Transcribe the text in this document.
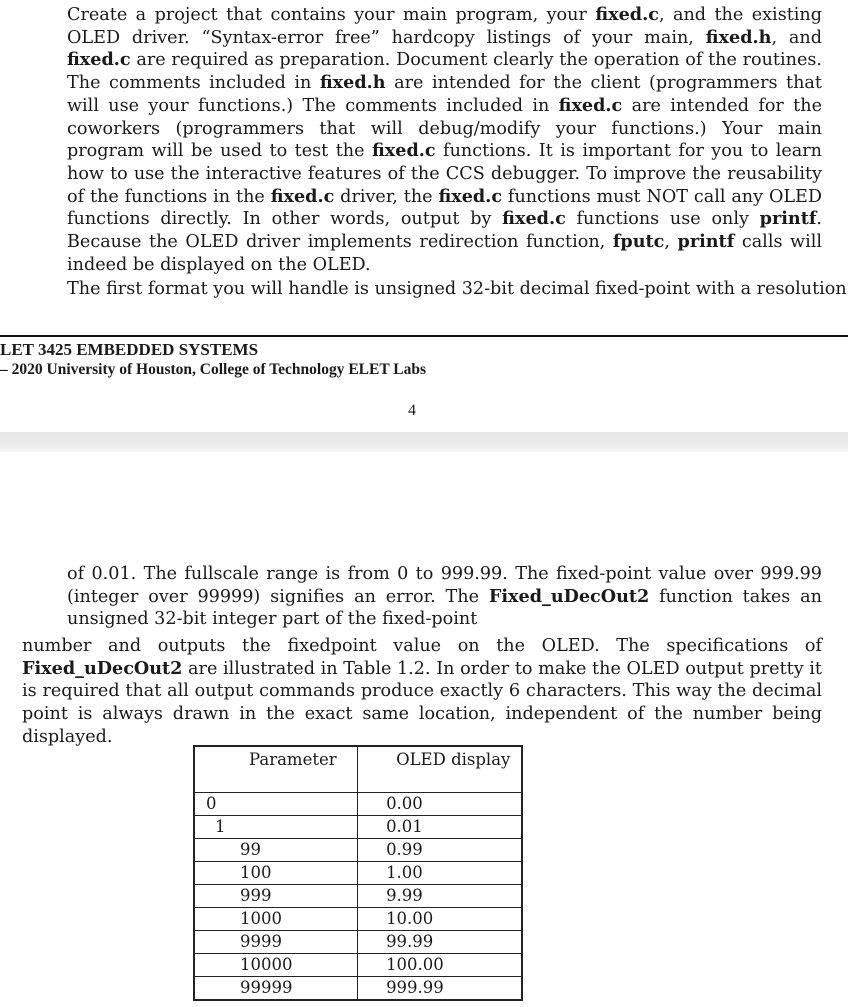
Create a project that contains your main program, your fixed.c, and the existing OLED driver. “Syntax-error free” hardcopy listings of your main, fixed.h, and fixed.c are required as preparation. Document clearly the operation of the routines. The comments included in fixed.h are intended for the client (programmers that will use your functions.) The comments included in fixed.c are intended for the coworkers (programmers that will debug/modify your functions.) Your main program will be used to test the fixed.c functions. It is important for you to learn how to use the interactive features of the CCS debugger. To improve the reusability of the functions in the fixed.c driver, the fixed.c functions must NOT call any OLED functions directly. In other words, output by fixed.c functions use only printf. Because the OLED driver implements redirection function, fputc, printf calls will indeed be displayed on the OLED.

The first format you will handle is unsigned 32-bit decimal fixed-point with a resolution

LET 3425 EMBEDDED SYSTEMS
– 2020 University of Houston, College of Technology ELET Labs
4

of 0.01. The fullscale range is from 0 to 999.99. The fixed-point value over 999.99 (integer over 99999) signifies an error. The Fixed_uDecOut2 function takes an unsigned 32-bit integer part of the fixed-point

number and outputs the fixedpoint value on the OLED. The specifications of Fixed_uDecOut2 are illustrated in Table 1.2. In order to make the OLED output pretty it is required that all output commands produce exactly 6 characters. This way the decimal point is always drawn in the exact same location, independent of the number being displayed.

Parameter	OLED display
0	0.00
1	0.01
99	0.99
100	1.00
999	9.99
1000	10.00
9999	99.99
10000	100.00
99999	999.99
